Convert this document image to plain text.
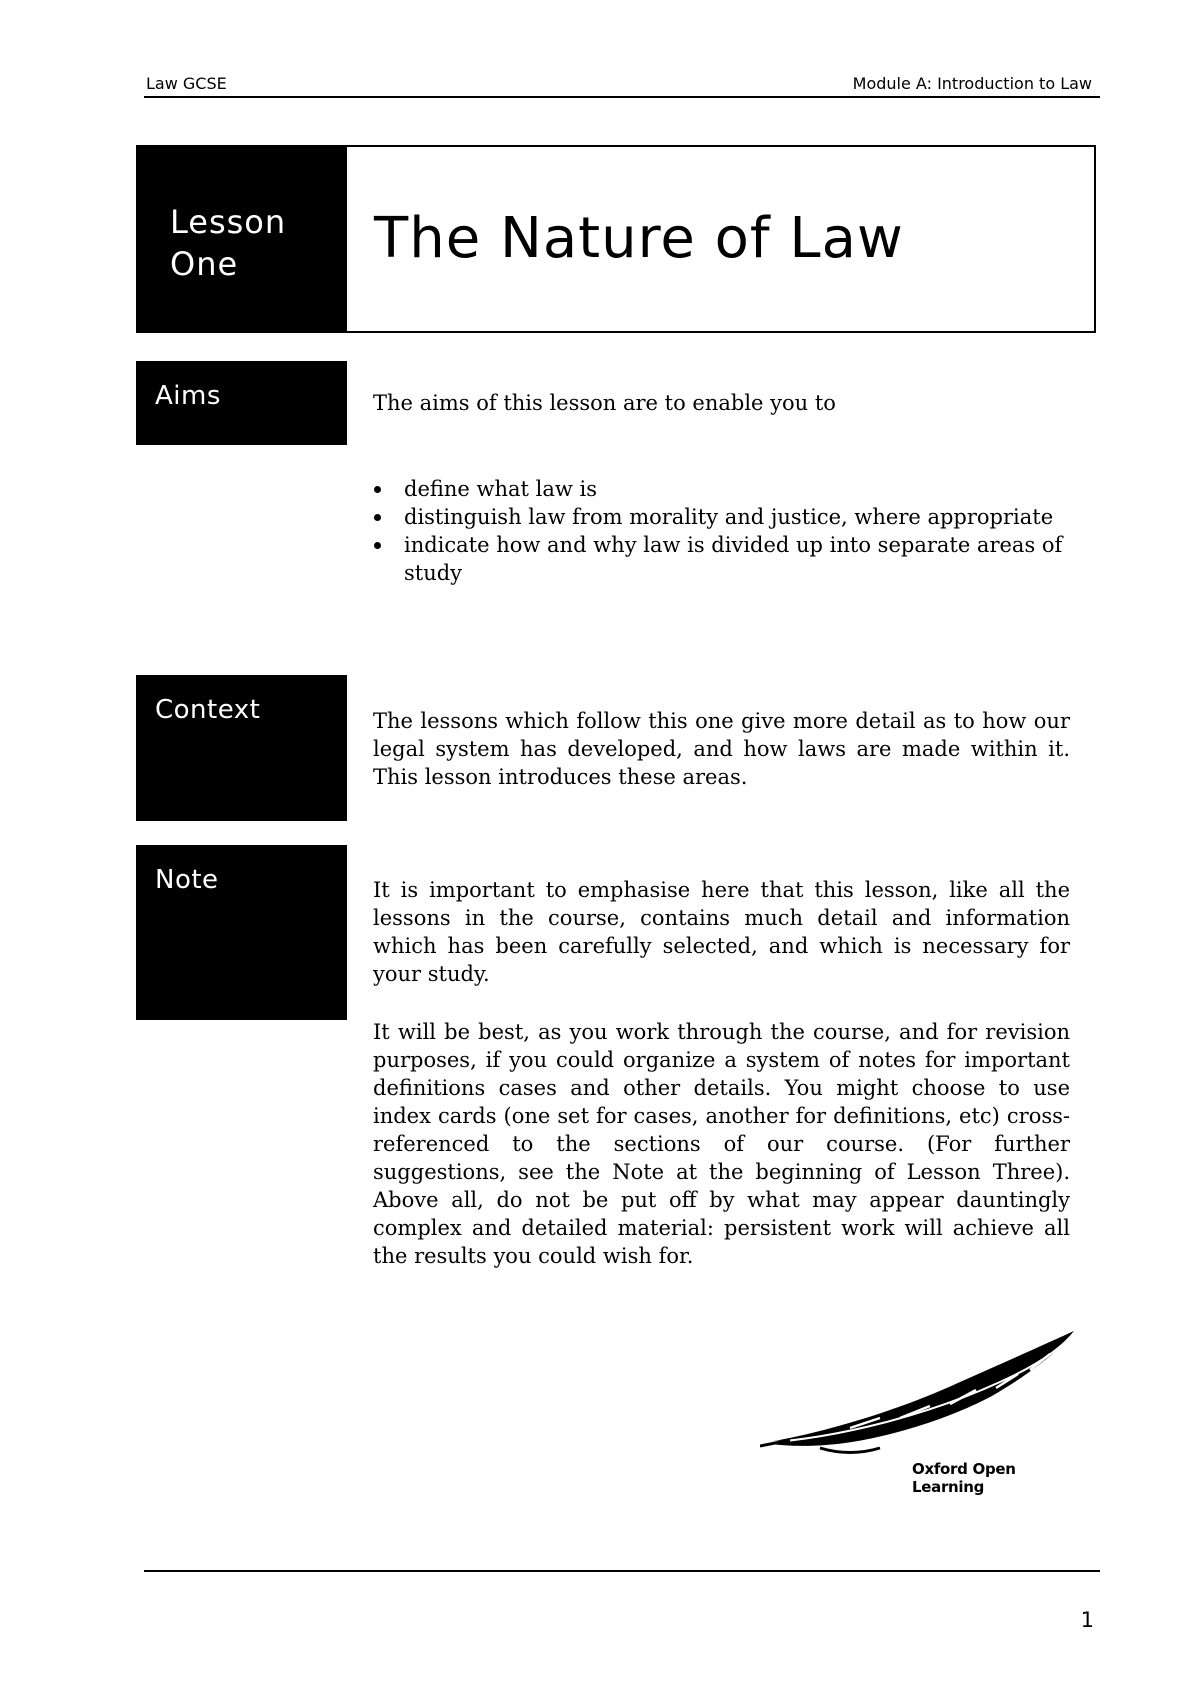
Law GCSE	Module A: Introduction to Law
Lesson
One	The Nature of Law
Aims	The aims of this lesson are to enable you to
define what law is
distinguish law from morality and justice, where appropriate
indicate how and why law is divided up into separate areas of study
Context	The lessons which follow this one give more detail as to how our legal system has developed, and how laws are made within it. This lesson introduces these areas.
Note	It is important to emphasise here that this lesson, like all the lessons in the course, contains much detail and information which has been carefully selected, and which is necessary for your study.
It will be best, as you work through the course, and for revision purposes, if you could organize a system of notes for important definitions cases and other details. You might choose to use index cards (one set for cases, another for definitions, etc) cross-referenced to the sections of our course. (For further suggestions, see the Note at the beginning of Lesson Three). Above all, do not be put off by what may appear dauntingly complex and detailed material: persistent work will achieve all the results you could wish for.
Oxford Open Learning
1
